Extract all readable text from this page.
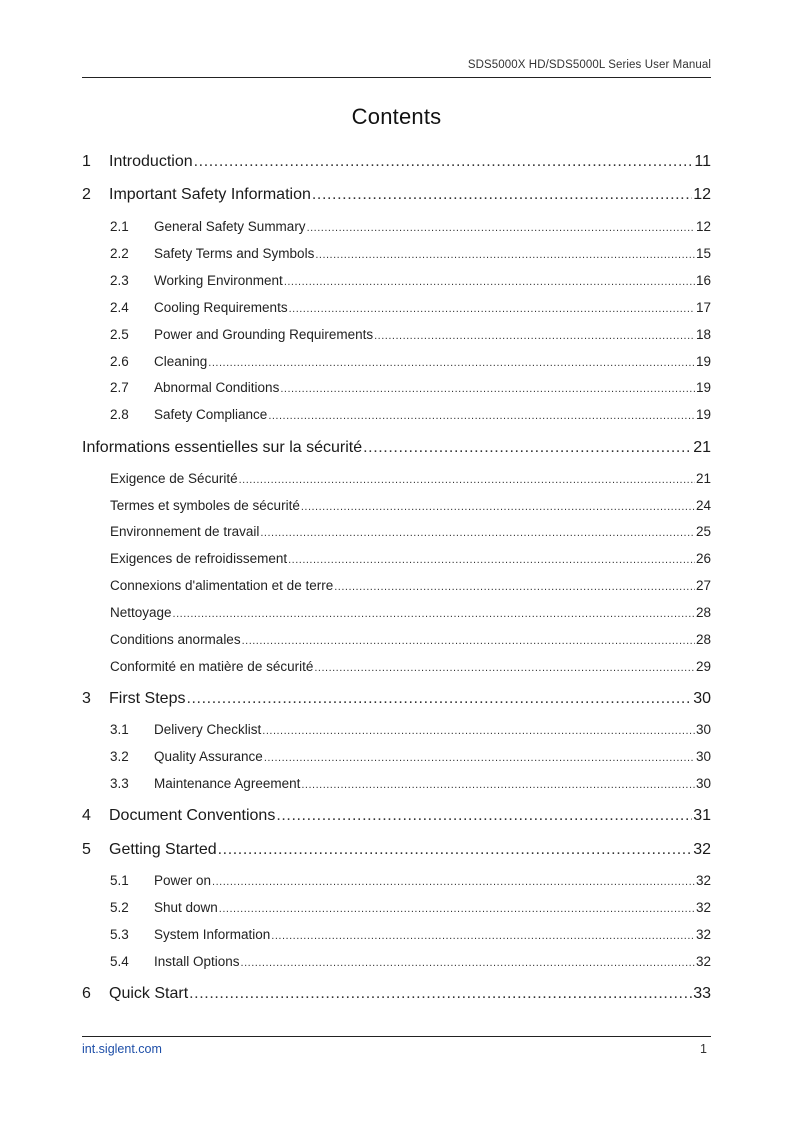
SDS5000X HD/SDS5000L Series User Manual
Contents
1	Introduction .....	11
2	Important Safety Information .....	12
2.1	General Safety Summary .....	12
2.2	Safety Terms and Symbols .....	15
2.3	Working Environment .....	16
2.4	Cooling Requirements .....	17
2.5	Power and Grounding Requirements .....	18
2.6	Cleaning .....	19
2.7	Abnormal Conditions .....	19
2.8	Safety Compliance .....	19
Informations essentielles sur la sécurité .....	21
Exigence de Sécurité .....	21
Termes et symboles de sécurité .....	24
Environnement de travail .....	25
Exigences de refroidissement .....	26
Connexions d'alimentation et de terre .....	27
Nettoyage .....	28
Conditions anormales .....	28
Conformité en matière de sécurité .....	29
3	First Steps .....	30
3.1	Delivery Checklist .....	30
3.2	Quality Assurance .....	30
3.3	Maintenance Agreement .....	30
4	Document Conventions .....	31
5	Getting Started .....	32
5.1	Power on .....	32
5.2	Shut down .....	32
5.3	System Information .....	32
5.4	Install Options .....	32
6	Quick Start .....	33
int.siglent.com	1
